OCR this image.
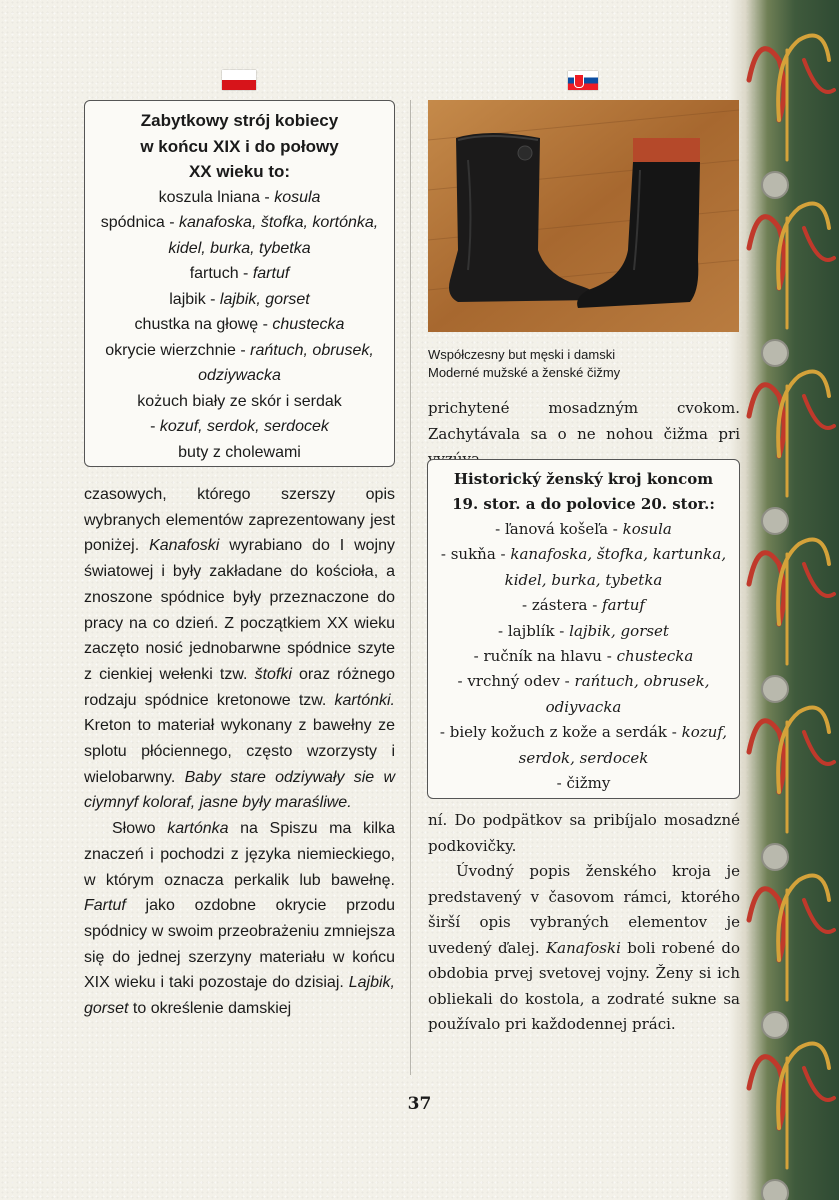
Zabytkowy strój kobiecy
w końcu XIX i do połowy
XX wieku to:
koszula lniana - kosula
spódnica - kanafoska, štofka, kortónka,
kidel, burka, tybetka
fartuch - fartuf
lajbik - lajbik, gorset
chustka na głowę - chustecka
okrycie wierzchnie - rańtuch, obrusek,
odziywacka
kożuch biały ze skór i serdak
- kozuf, serdok, serdocek
buty z cholewami

czasowych, którego szerszy opis wybranych elementów zaprezentowany jest poniżej. Kanafoski wyrabiano do I wojny światowej i były zakładane do kościoła, a znoszone spódnice były przeznaczone do pracy na co dzień. Z początkiem XX wieku zaczęto nosić jednobarwne spódnice szyte z cienkiej wełenki tzw. štofki oraz różnego rodzaju spódnice kretonowe tzw. kartónki. Kreton to materiał wykonany z bawełny ze splotu płóciennego, często wzorzysty i wielobarwny. Baby stare odziywały sie w ciymnyf koloraf, jasne były maraśliwe.

Słowo kartónka na Spiszu ma kilka znaczeń i pochodzi z języka niemieckiego, w którym oznacza perkalik lub bawełnę. Fartuf jako ozdobne okrycie przodu spódnicy w swoim przeobrażeniu zmniejsza się do jednej szerzyny materiału w końcu XIX wieku i taki pozostaje do dzisiaj. Lajbik, gorset to określenie damskiej

Współczesny but męski i damski
Moderné mužské a ženské čižmy

prichytené mosadzným cvokom. Zachytávala sa o ne nohou čižma pri

Historický ženský kroj koncom
19. stor. a do polovice 20. stor.:
- ľanová košeľa - kosula
- sukňa - kanafoska, štofka, kartunka,
kidel, burka, tybetka
- zástera - fartuf
- lajblík - lajbik, gorset
- ručník na hlavu - chustecka
- vrchný odev - rańtuch, obrusek,
odiyvacka
- biely kožuch z kože a serdák - kozuf,
serdok, serdocek
- čižmy

ní. Do podpätkov sa pribíjalo mosadzné podkovičky.

Úvodný popis ženského kroja je predstavený v časovom rámci, ktorého širší opis vybraných elementov je uvedený ďalej. Kanafoski boli robené do obdobia prvej svetovej vojny. Ženy si ich obliekali do kostola, a zodraté sukne sa používalo pri každodennej práci.

37
